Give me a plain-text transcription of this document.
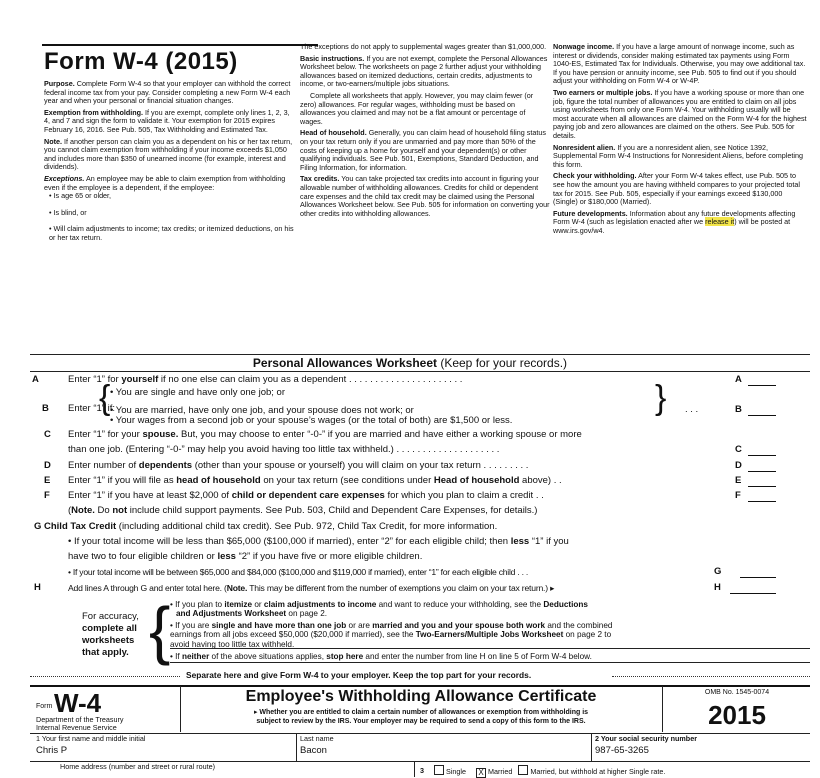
Form W-4 (2015)

Purpose. Complete Form W-4 so that your employer can withhold the correct federal income tax from your pay. Consider completing a new Form W-4 each year and when your personal or financial situation changes.

Exemption from withholding. If you are exempt, complete only lines 1, 2, 3, 4, and 7 and sign the form to validate it. Your exemption for 2015 expires February 16, 2016. See Pub. 505, Tax Withholding and Estimated Tax.

Note. If another person can claim you as a dependent on his or her tax return, you cannot claim exemption from withholding if your income exceeds $1,050 and includes more than $350 of unearned income (for example, interest and dividends).

Exceptions. An employee may be able to claim exemption from withholding even if the employee is a dependent, if the employee:

• Is age 65 or older,
• Is blind, or
• Will claim adjustments to income; tax credits; or itemized deductions, on his or her tax return.

The exceptions do not apply to supplemental wages greater than $1,000,000.

Basic instructions. If you are not exempt, complete the Personal Allowances Worksheet below. The worksheets on page 2 further adjust your withholding allowances based on itemized deductions, certain credits, adjustments to income, or two-earners/multiple jobs situations.

Complete all worksheets that apply. However, you may claim fewer (or zero) allowances. For regular wages, withholding must be based on allowances you claimed and may not be a flat amount or percentage of wages.

Head of household. Generally, you can claim head of household filing status on your tax return only if you are unmarried and pay more than 50% of the costs of keeping up a home for yourself and your dependent(s) or other qualifying individuals. See Pub. 501, Exemptions, Standard Deduction, and Filing Information, for information.

Tax credits. You can take projected tax credits into account in figuring your allowable number of withholding allowances. Credits for child or dependent care expenses and the child tax credit may be claimed using the Personal Allowances Worksheet below. See Pub. 505 for information on converting your other credits into withholding allowances.

Nonwage income. If you have a large amount of nonwage income, such as interest or dividends, consider making estimated tax payments using Form 1040-ES, Estimated Tax for Individuals. Otherwise, you may owe additional tax. If you have pension or annuity income, see Pub. 505 to find out if you should adjust your withholding on Form W-4 or W-4P.

Two earners or multiple jobs. If you have a working spouse or more than one job, figure the total number of allowances you are entitled to claim on all jobs using worksheets from only one Form W-4. Your withholding usually will be most accurate when all allowances are claimed on the Form W-4 for the highest paying job and zero allowances are claimed on the others. See Pub. 505 for details.

Nonresident alien. If you are a nonresident alien, see Notice 1392, Supplemental Form W-4 Instructions for Nonresident Aliens, before completing this form.

Check your withholding. After your Form W-4 takes effect, use Pub. 505 to see how the amount you are having withheld compares to your projected total tax for 2015. See Pub. 505, especially if your earnings exceed $130,000 (Single) or $180,000 (Married).

Future developments. Information about any future developments affecting Form W-4 (such as legislation enacted after we release it) will be posted at www.irs.gov/w4.

Personal Allowances Worksheet (Keep for your records.)
A	Enter “1” for yourself if no one else can claim you as a dependent . . . . . . . . . . . . . . . . . . . . . .	A
• You are single and have only one job; or
B Enter “1” if:
{ • You are married, have only one job, and your spouse does not work; or
• Your wages from a second job or your spouse’s wages (or the total of both) are $1,500 or less.
} . . .	B
C Enter “1” for your spouse. But, you may choose to enter “-0-” if you are married and have either a working spouse or more
than one job. (Entering “-0-” may help you avoid having too little tax withheld.) . . . . . . . . . . . . . . . . . . . .	C
D Enter number of dependents (other than your spouse or yourself) you will claim on your tax return . . . . . . . . .	D
E Enter “1” if you will file as head of household on your tax return (see conditions under Head of household above) . .	E
F Enter “1” if you have at least $2,000 of child or dependent care expenses for which you plan to claim a credit . .	F
(Note. Do not include child support payments. See Pub. 503, Child and Dependent Care Expenses, for details.)
G Child Tax Credit (including additional child tax credit). See Pub. 972, Child Tax Credit, for more information.
• If your total income will be less than $65,000 ($100,000 if married), enter “2” for each eligible child; then less “1” if you
have two to four eligible children or less “2” if you have five or more eligible children.
• If your total income will be between $65,000 and $84,000 ($100,000 and $119,000 if married), enter “1” for each eligible child . . .	G
H	Add lines A through G and enter total here. (Note. This may be different from the number of exemptions you claim on your tax return.) ▸	H
For accuracy,
complete all
worksheets
that apply. { • If you plan to itemize or claim adjustments to income and want to reduce your withholding, see the Deductions
and Adjustments Worksheet on page 2.
• If you are single and have more than one job or are married and you and your spouse both work and the combined
earnings from all jobs exceed $50,000 ($20,000 if married), see the Two-Earners/Multiple Jobs Worksheet on page 2 to
avoid having too little tax withheld.
• If neither of the above situations applies, stop here and enter the number from line H on line 5 of Form W-4 below.
Separate here and give Form W-4 to your employer. Keep the top part for your records.
Form W-4
Department of the Treasury
Internal Revenue Service
Employee's Withholding Allowance Certificate
▸ Whether you are entitled to claim a certain number of allowances or exemption from withholding is
subject to review by the IRS. Your employer may be required to send a copy of this form to the IRS.
OMB No. 1545-0074
2015
1 Your first name and middle initial
Chris P
Last name
Bacon
2 Your social security number
987-65-3265
Home address (number and street or rural route)	3	Single X Married	Married, but withhold at higher Single rate.
